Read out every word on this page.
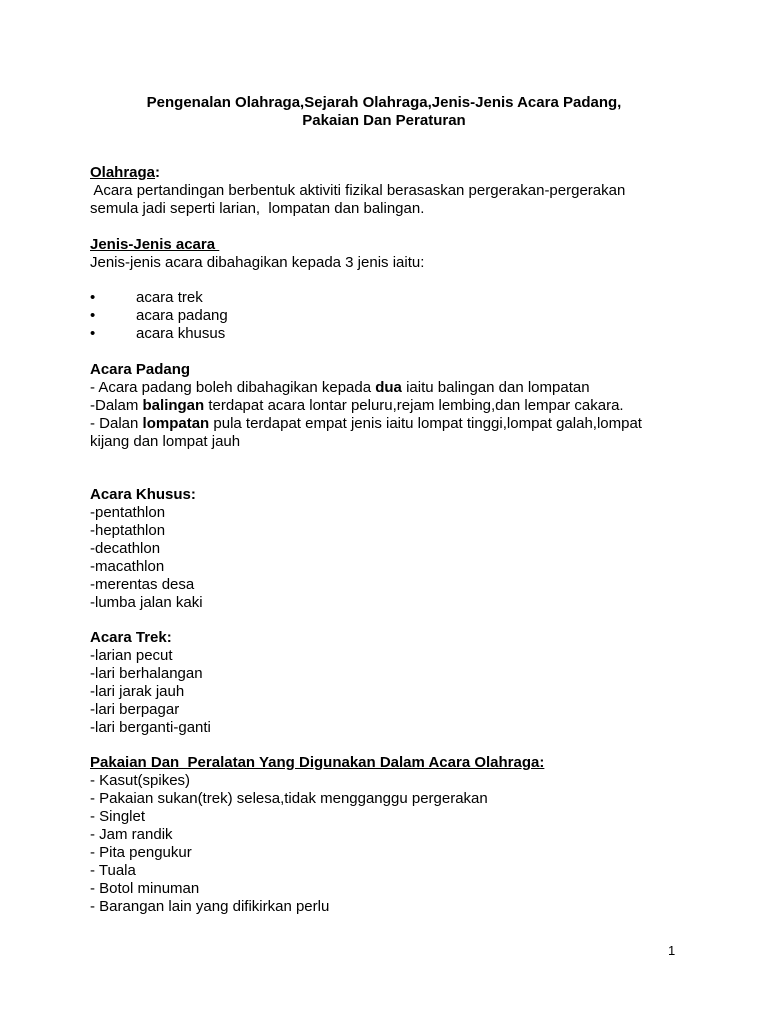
Pengenalan Olahraga,Sejarah Olahraga,Jenis-Jenis Acara Padang,
Pakaian Dan Peraturan
Olahraga:
Acara pertandingan berbentuk aktiviti fizikal berasaskan pergerakan-pergerakan
semula jadi seperti larian,  lompatan dan balingan.
Jenis-Jenis acara
Jenis-jenis acara dibahagikan kepada 3 jenis iaitu:
•	acara trek
•	acara padang
•	acara khusus
Acara Padang
- Acara padang boleh dibahagikan kepada dua iaitu balingan dan lompatan
-Dalam balingan terdapat acara lontar peluru,rejam lembing,dan lempar cakara.
- Dalan lompatan pula terdapat empat jenis iaitu lompat tinggi,lompat galah,lompat
kijang dan lompat jauh
Acara Khusus:
-pentathlon
-heptathlon
-decathlon
-macathlon
-merentas desa
-lumba jalan kaki
Acara Trek:
-larian pecut
-lari berhalangan
-lari jarak jauh
-lari berpagar
-lari berganti-ganti
Pakaian Dan  Peralatan Yang Digunakan Dalam Acara Olahraga:
- Kasut(spikes)
- Pakaian sukan(trek) selesa,tidak mengganggu pergerakan
- Singlet
- Jam randik
- Pita pengukur
- Tuala
- Botol minuman
- Barangan lain yang difikirkan perlu
1
